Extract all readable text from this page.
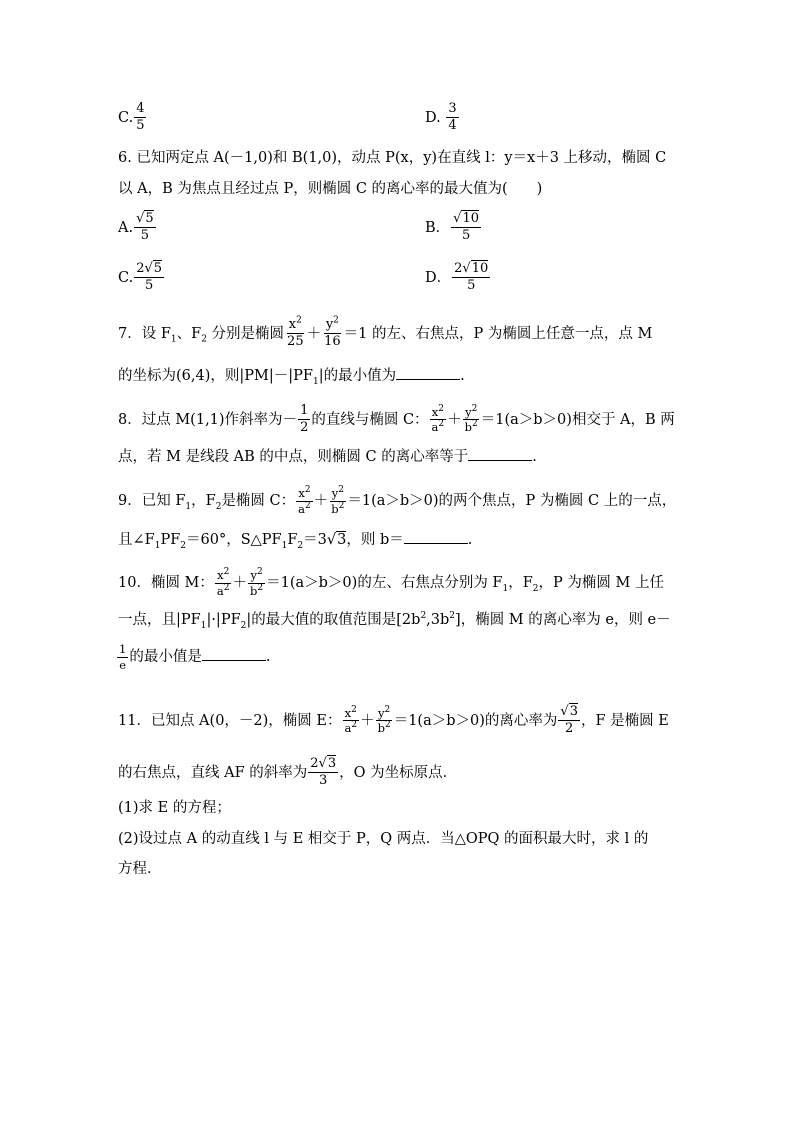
C. $\frac{4}{5}$	D. $\frac{3}{4}$
6. 已知两定点 A(－1,0)和 B(1,0)，动点 P(x，y)在直线 l：y＝x＋3 上移动，椭圆 C
以 A，B 为焦点且经过点 P，则椭圆 C 的离心率的最大值为(　　)
A. $\frac{√5}{5}$	B． $\frac{√10}{5}$
C. $\frac{2√5}{5}$	D． $\frac{2√10}{5}$
7．设 $F_1$、$F_2$ 分别是椭圆 $\frac{x^2}{25} + \frac{y^2}{16} =1$ 的左、右焦点，P 为椭圆上任意一点，点 M
的坐标为(6,4)，则$|PM|-|PF_1|$的最小值为	.
8．过点 M(1,1)作斜率为－ $\frac{1}{2}$ 的直线与椭圆 C： $\frac{x^2}{a^2} + \frac{y^2}{b^2} =1(a>b>0)$相交于 A，B 两
点，若 M 是线段 AB 的中点，则椭圆 C 的离心率等于	.
9．已知 $F_1$，$F_2$是椭圆 C： $\frac{x^2}{a^2} + \frac{y^2}{b^2} =1(a>b>0)$的两个焦点，P 为椭圆 C 上的一点，
且$\angle F_1PF_2=60^\circ$，$S\triangle PF_1F_2=3√3$，则 b＝	.
10．椭圆 M： $\frac{x^2}{a^2} + \frac{y^2}{b^2} =1(a>b>0)$的左、右焦点分别为 $F_1$，$F_2$，P 为椭圆 M 上任
一点，且$|PF_1|\cdot|PF_2|$的最大值的取值范围是$[2b^2,3b^2]$，椭圆 M 的离心率为 e，则 e－
$\frac{1}{e}$ 的最小值是	.
11．已知点 A(0，－2)，椭圆 E： $\frac{x^2}{a^2} + \frac{y^2}{b^2} =1(a>b>0)$的离心率为 $\frac{√3}{2}$ ，F 是椭圆 E
的右焦点，直线 AF 的斜率为 $\frac{2√3}{3}$ ，O 为坐标原点．
(1)求 E 的方程；
(2)设过点 A 的动直线 l 与 E 相交于 P，Q 两点．当△OPQ 的面积最大时，求 l 的
方程．
